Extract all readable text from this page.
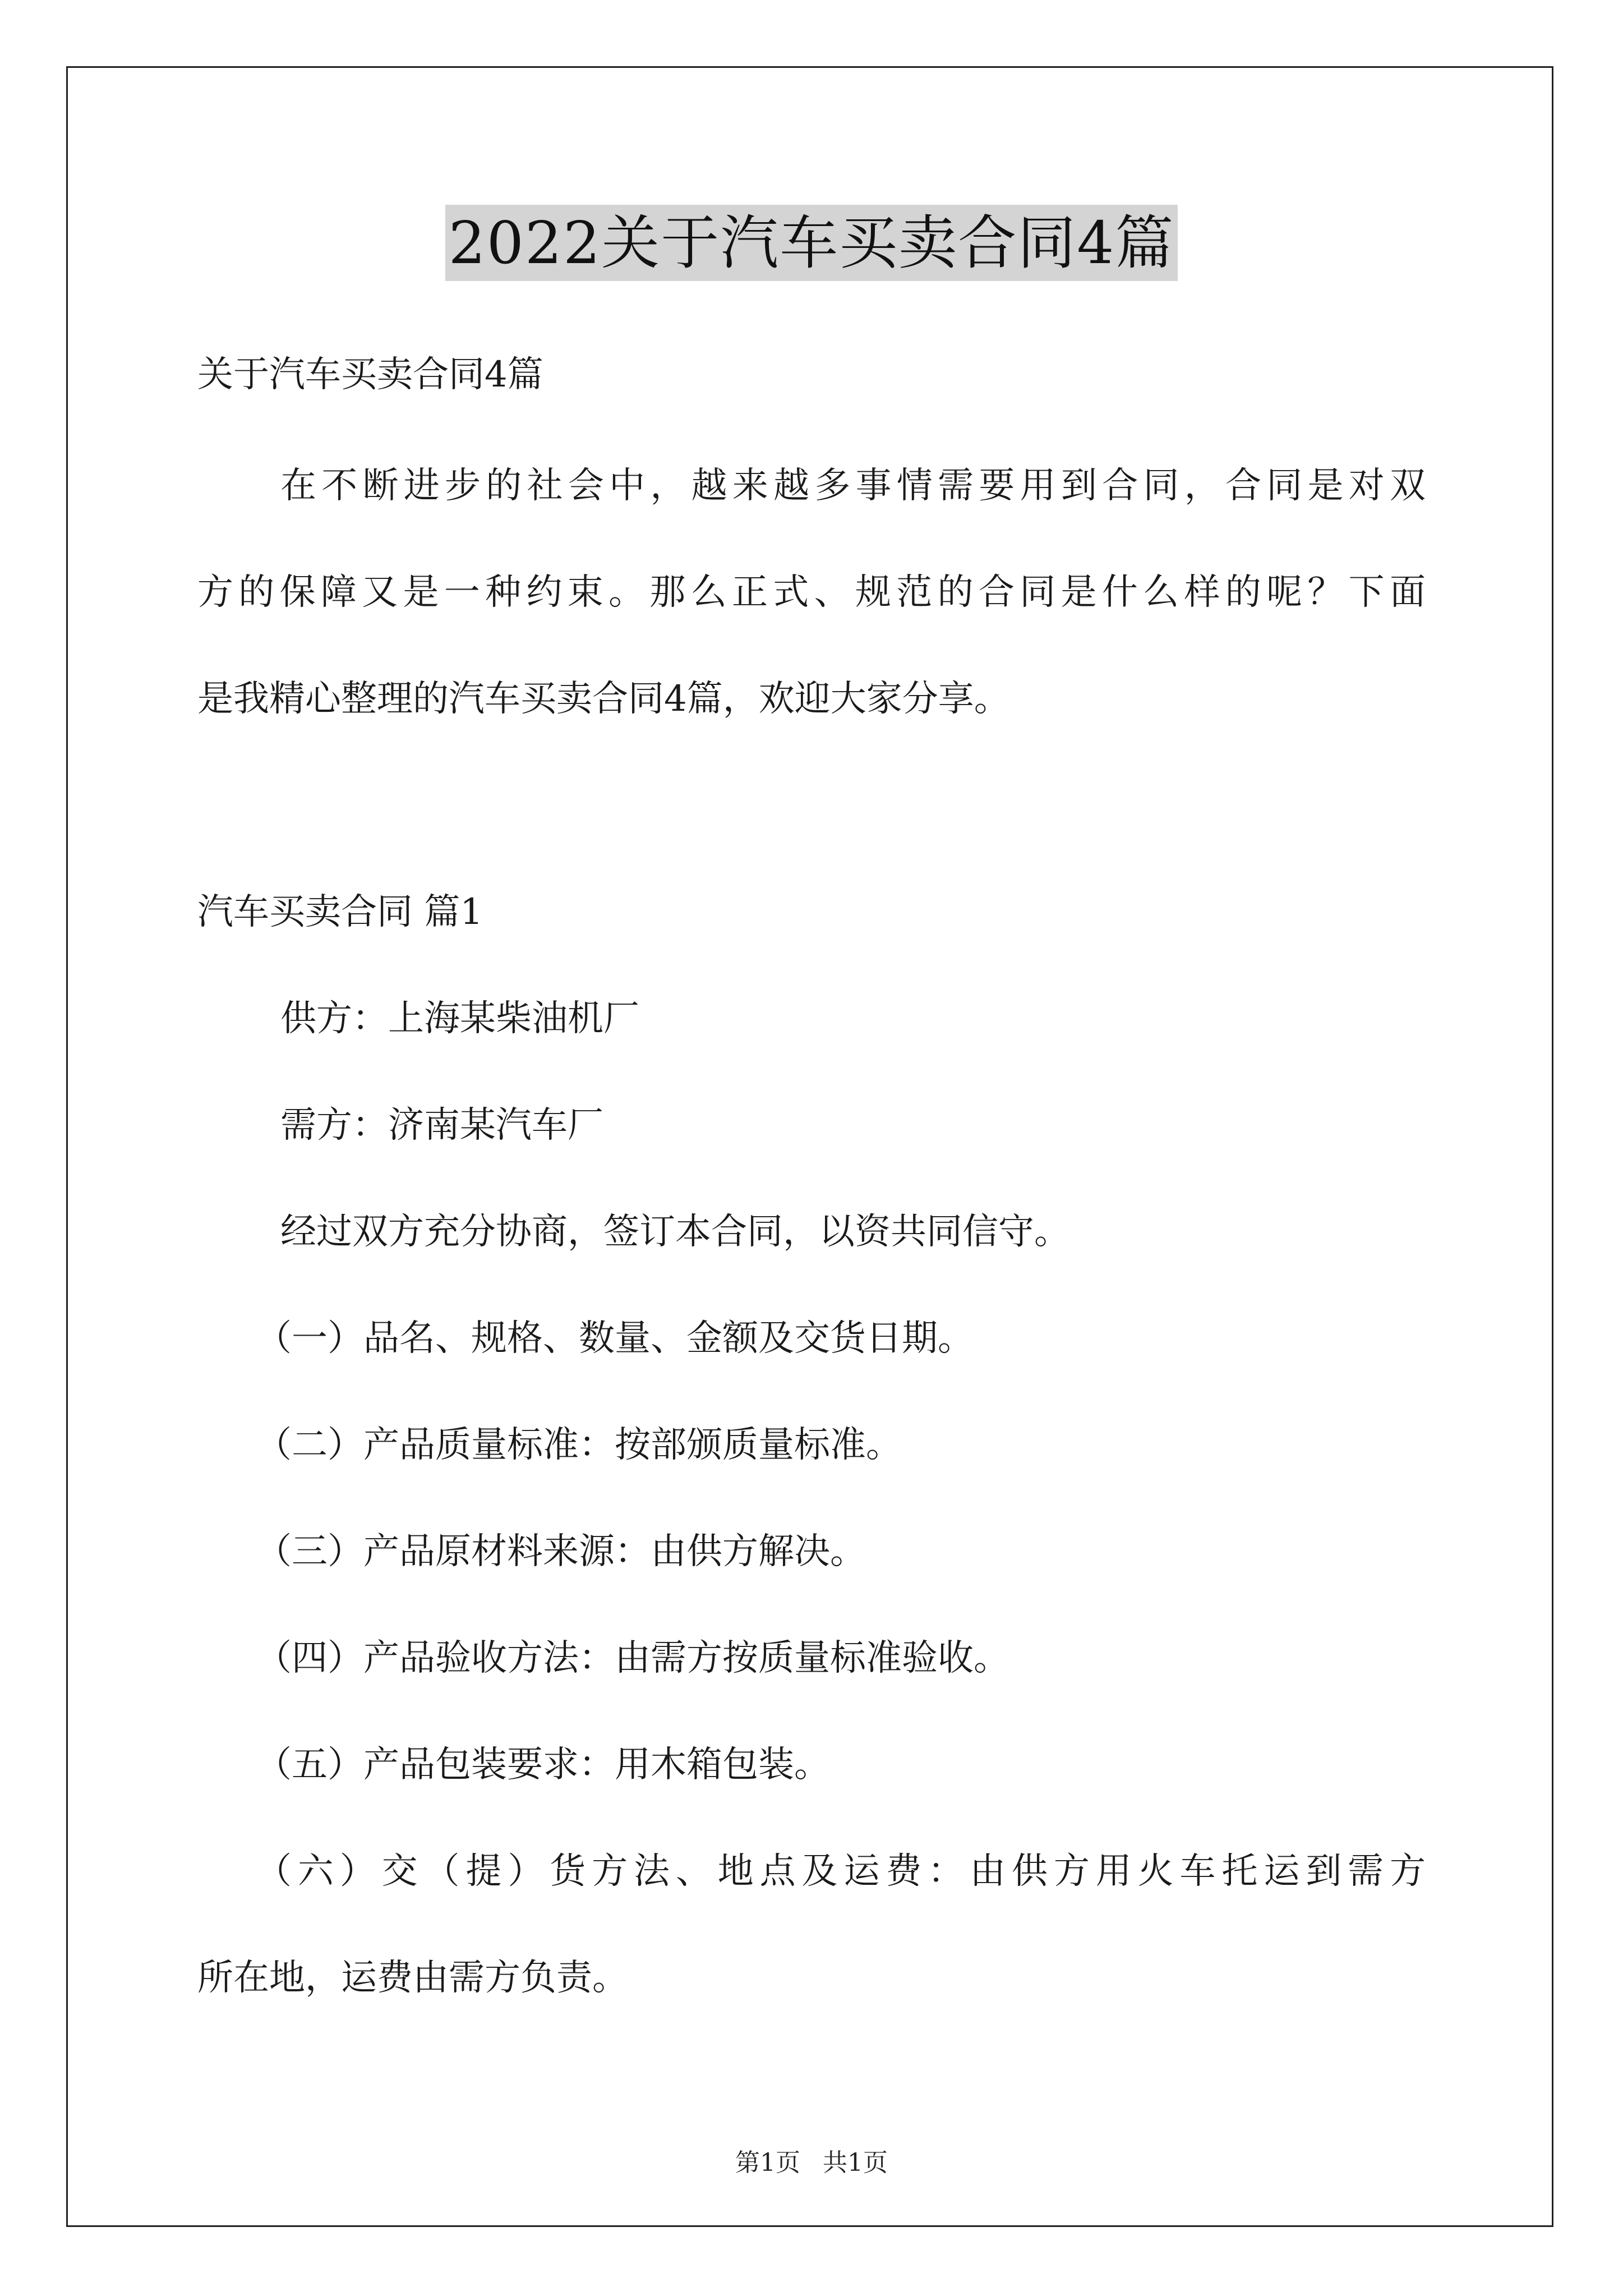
2022关于汽车买卖合同4篇
关于汽车买卖合同4篇
在不断进步的社会中，越来越多事情需要用到合同，合同是对双
方的保障又是一种约束。那么正式、规范的合同是什么样的呢？下面
是我精心整理的汽车买卖合同4篇，欢迎大家分享。
汽车买卖合同 篇1
供方：上海某柴油机厂
需方：济南某汽车厂
经过双方充分协商，签订本合同，以资共同信守。
（一）品名、规格、数量、金额及交货日期。
（二）产品质量标准：按部颁质量标准。
（三）产品原材料来源：由供方解决。
（四）产品验收方法：由需方按质量标准验收。
（五）产品包装要求：用木箱包装。
（六）交（提）货方法、地点及运费：由供方用火车托运到需方
所在地，运费由需方负责。
第1页 共1页
